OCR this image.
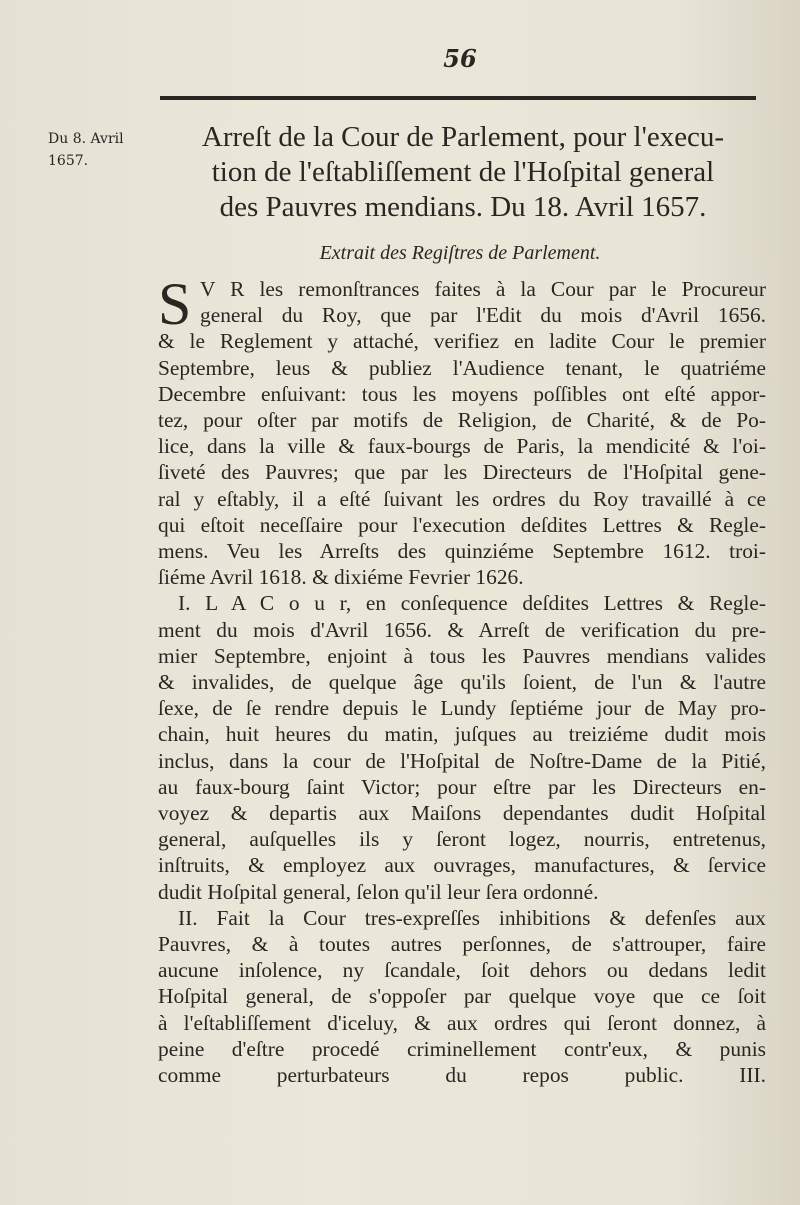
56
Du 8. Avril
1657.
Arreſt de la Cour de Parlement, pour l'execu-
tion de l'eſtabliſſement de l'Hoſpital general
des Pauvres mendians. Du 18. Avril 1657.
Extrait des Regiſtres de Parlement.
S V R les remonſtrances faites à la Cour par le Procureur
general du Roy, que par l'Edit du mois d'Avril 1656.
& le Reglement y attaché, verifiez en ladite Cour le premier
Septembre, leus & publiez l'Audience tenant, le quatriéme
Decembre enſuivant: tous les moyens poſſibles ont eſté appor-
tez, pour oſter par motifs de Religion, de Charité, & de Po-
lice, dans la ville & faux-bourgs de Paris, la mendicité & l'oi-
ſiveté des Pauvres; que par les Directeurs de l'Hoſpital gene-
ral y eſtably, il a eſté ſuivant les ordres du Roy travaillé à ce
qui eſtoit neceſſaire pour l'execution deſdites Lettres & Regle-
mens. Veu les Arreſts des quinziéme Septembre 1612. troi-
ſiéme Avril 1618. & dixiéme Fevrier 1626.
I. L A C o u r, en conſequence deſdites Lettres & Regle-
ment du mois d'Avril 1656. & Arreſt de verification du pre-
mier Septembre, enjoint à tous les Pauvres mendians valides
& invalides, de quelque âge qu'ils ſoient, de l'un & l'autre
ſexe, de ſe rendre depuis le Lundy ſeptiéme jour de May pro-
chain, huit heures du matin, juſques au treiziéme dudit mois
inclus, dans la cour de l'Hoſpital de Noſtre-Dame de la Pitié,
au faux-bourg ſaint Victor; pour eſtre par les Directeurs en-
voyez & departis aux Maiſons dependantes dudit Hoſpital
general, auſquelles ils y ſeront logez, nourris, entretenus,
inſtruits, & employez aux ouvrages, manufactures, & ſervice
dudit Hoſpital general, ſelon qu'il leur ſera ordonné.
II. Fait la Cour tres-expreſſes inhibitions & defenſes aux
Pauvres, & à toutes autres perſonnes, de s'attrouper, faire
aucune inſolence, ny ſcandale, ſoit dehors ou dedans ledit
Hoſpital general, de s'oppoſer par quelque voye que ce ſoit
à l'eſtabliſſement d'iceluy, & aux ordres qui ſeront donnez, à
peine d'eſtre procedé criminellement contr'eux, & punis
comme perturbateurs du repos public.	III.
